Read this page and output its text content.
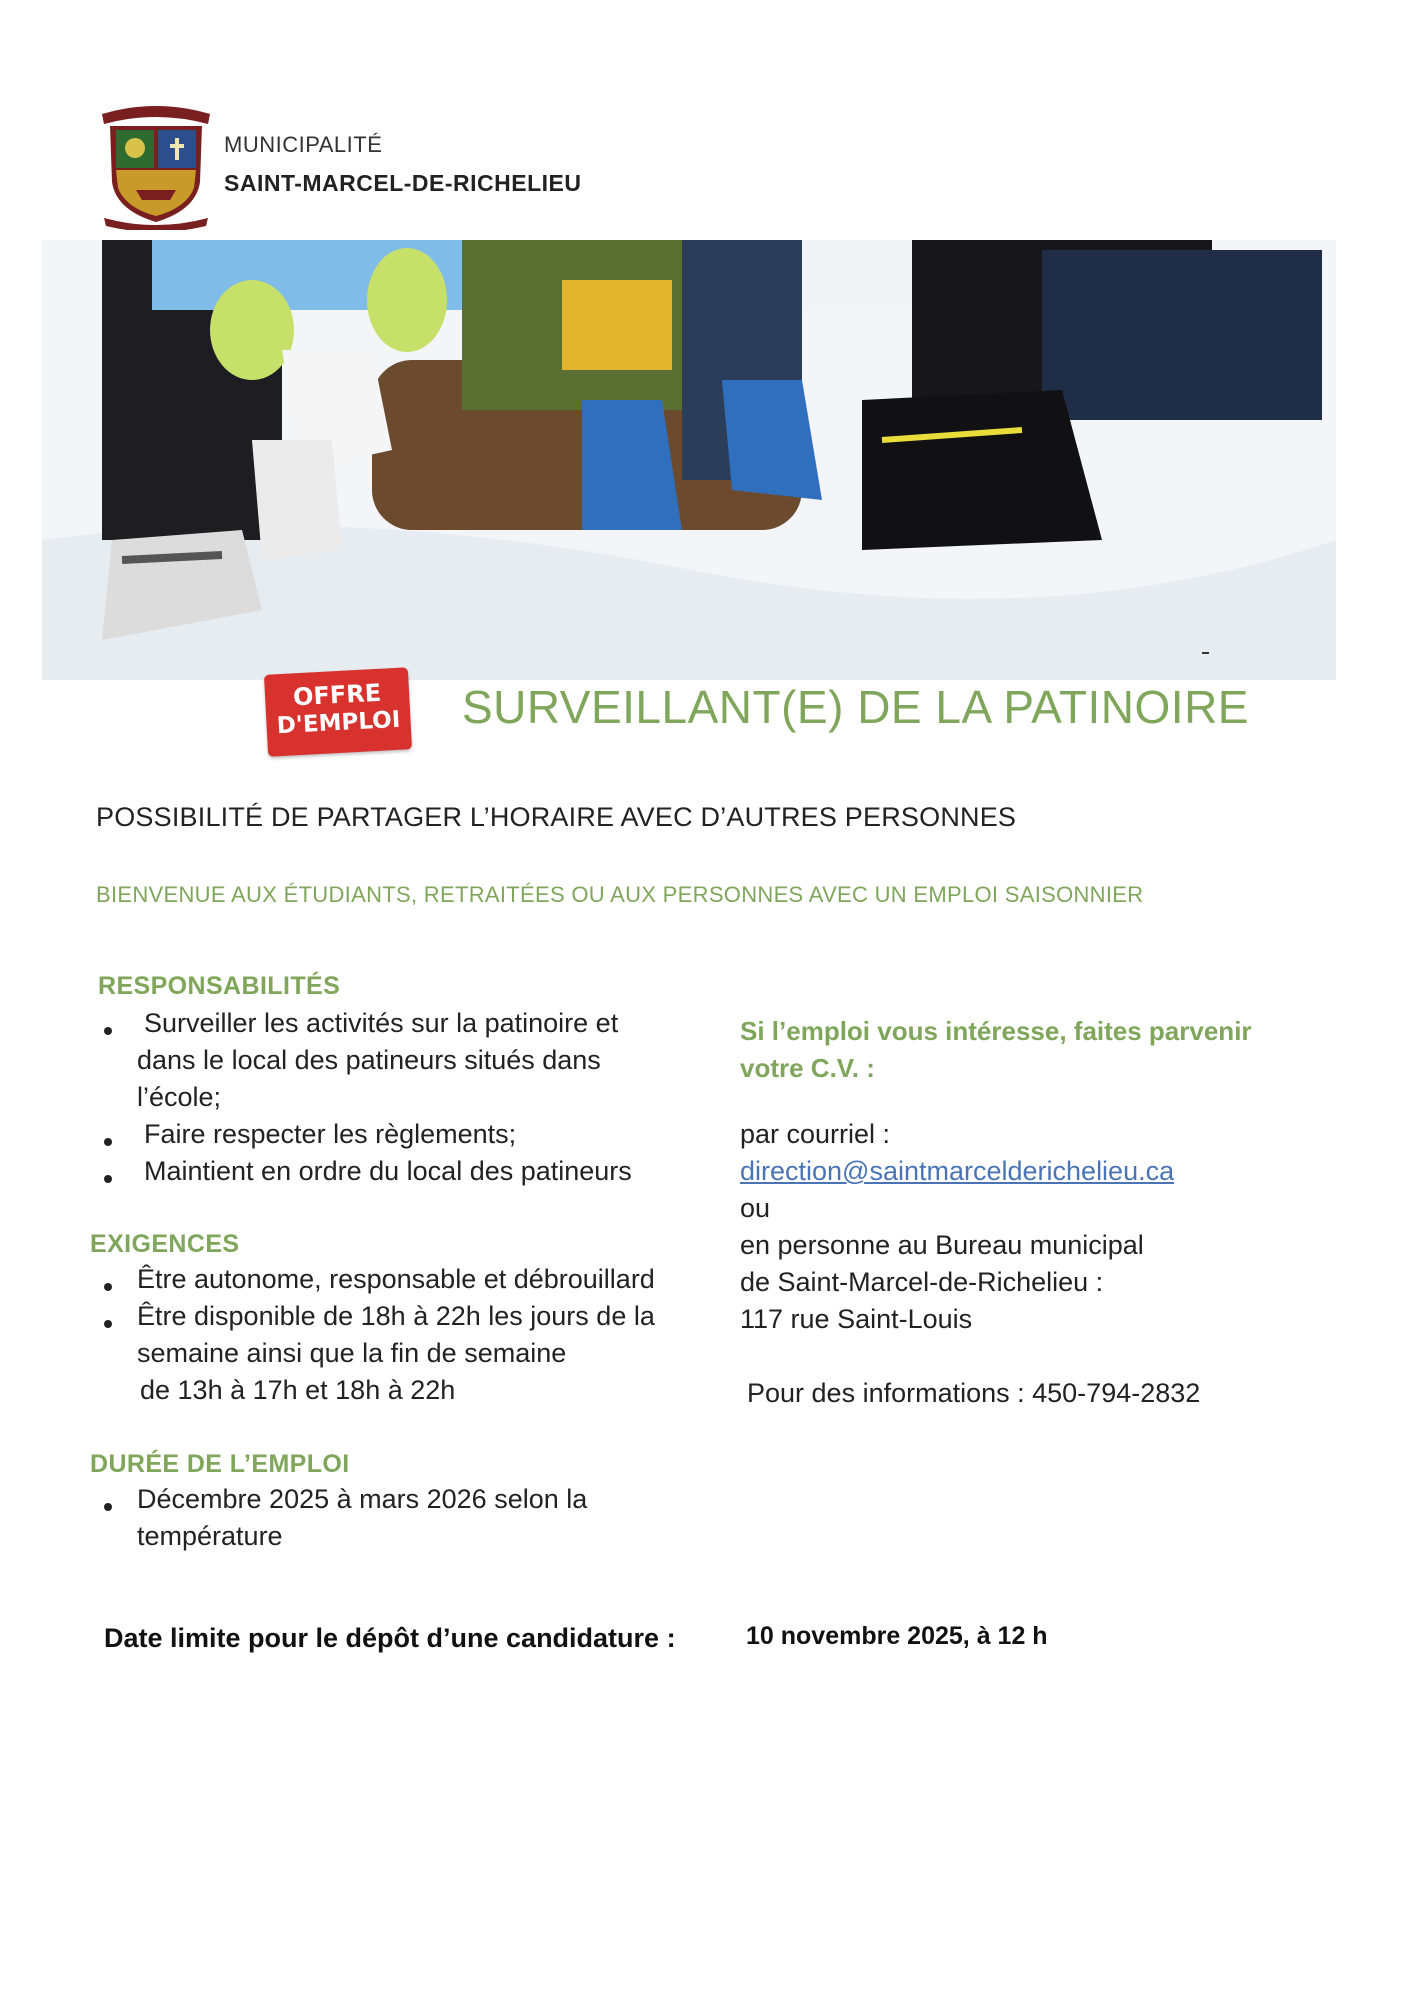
MUNICIPALITÉ
SAINT-MARCEL-DE-RICHELIEU
OFFRE
D'EMPLOI SURVEILLANT(E) DE LA PATINOIRE
POSSIBILITÉ DE PARTAGER L’HORAIRE AVEC D’AUTRES PERSONNES
BIENVENUE AUX ÉTUDIANTS, RETRAITÉES OU AUX PERSONNES AVEC UN EMPLOI SAISONNIER
RESPONSABILITÉS
Surveiller les activités sur la patinoire et
dans le local des patineurs situés dans
l’école;
Faire respecter les règlements;
Maintient en ordre du local des patineurs
EXIGENCES
Être autonome, responsable et débrouillard
Être disponible de 18h à 22h les jours de la
semaine ainsi que la fin de semaine
de 13h à 17h et 18h à 22h
DURÉE DE L’EMPLOI
Décembre 2025 à mars 2026 selon la
température
Si l’emploi vous intéresse, faites parvenir
votre C.V. :
par courriel :
direction@saintmarcelderichelieu.ca
ou
en personne au Bureau municipal
de Saint-Marcel-de-Richelieu :
117 rue Saint-Louis
Pour des informations : 450-794-2832
Date limite pour le dépôt d’une candidature :	10 novembre 2025, à 12 h
